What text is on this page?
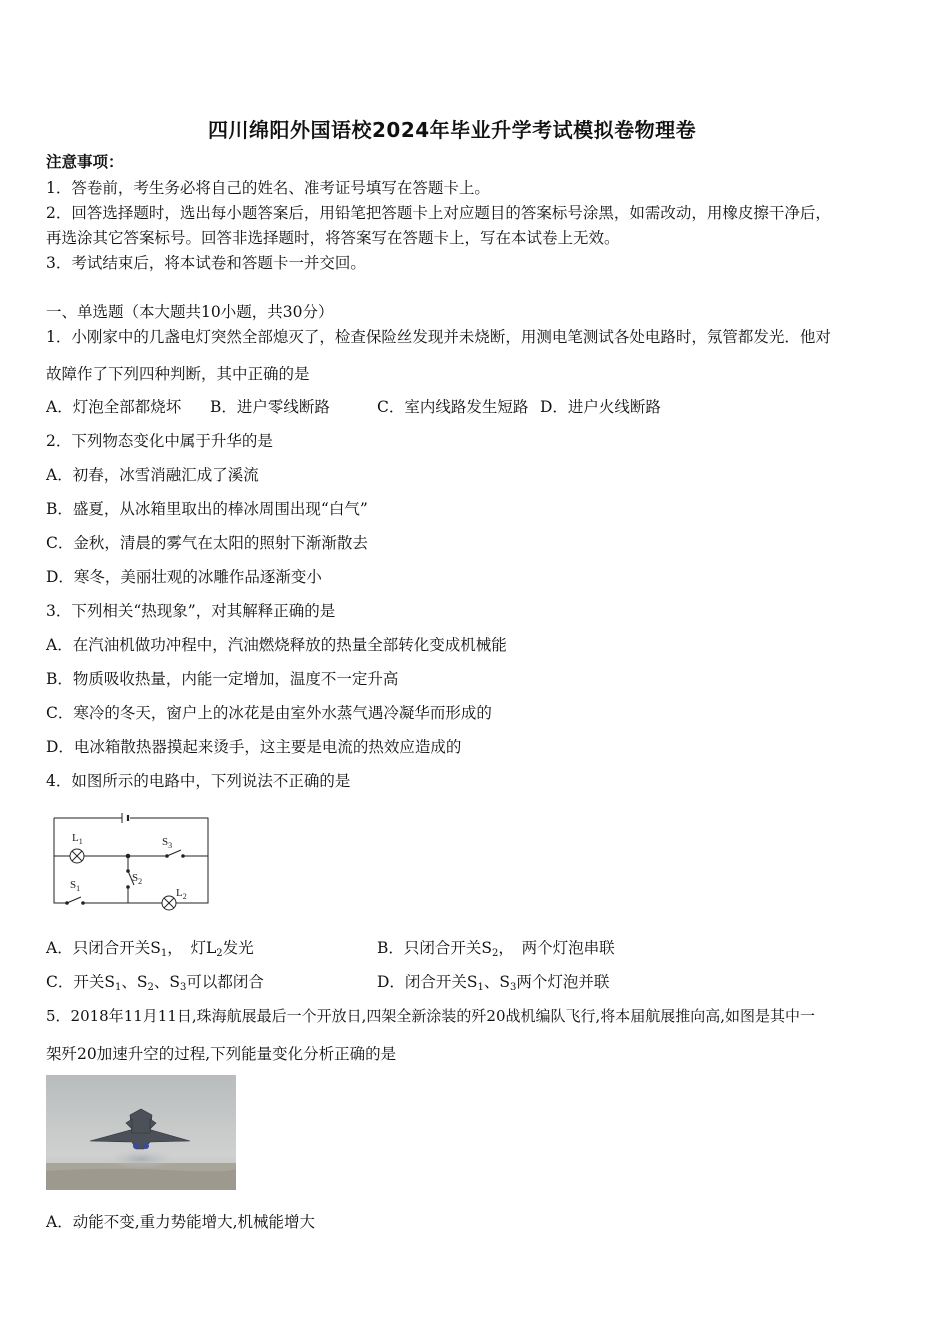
四川绵阳外国语校2024年毕业升学考试模拟卷物理卷
注意事项：
1．答卷前，考生务必将自己的姓名、准考证号填写在答题卡上。
2．回答选择题时，选出每小题答案后，用铅笔把答题卡上对应题目的答案标号涂黑，如需改动，用橡皮擦干净后，
再选涂其它答案标号。回答非选择题时，将答案写在答题卡上，写在本试卷上无效。
3．考试结束后，将本试卷和答题卡一并交回。
一、单选题（本大题共10小题，共30分）
1．小刚家中的几盏电灯突然全部熄灭了，检查保险丝发现并未烧断，用测电笔测试各处电路时，氖管都发光．他对
故障作了下列四种判断，其中正确的是
A．灯泡全部都烧坏 B．进户零线断路	C．室内线路发生短路 D．进户火线断路
2．下列物态变化中属于升华的是
A．初春，冰雪消融汇成了溪流
B．盛夏，从冰箱里取出的棒冰周围出现“白气”
C．金秋，清晨的雾气在太阳的照射下渐渐散去
D．寒冬，美丽壮观的冰雕作品逐渐变小
3．下列相关“热现象”，对其解释正确的是
A．在汽油机做功冲程中，汽油燃烧释放的热量全部转化变成机械能
B．物质吸收热量，内能一定增加，温度不一定升高
C．寒冷的冬天，窗户上的冰花是由室外水蒸气遇冷凝华而形成的
D．电冰箱散热器摸起来烫手，这主要是电流的热效应造成的
4．如图所示的电路中，下列说法不正确的是
$L_1$	$S_3$
$S_2$
$S_1$	$L_2$
A．只闭合开关$S_1$，　灯$L_2$发光	B．只闭合开关$S_2$，　两个灯泡串联
C．开关$S_1$、$S_2$、$S_3$可以都闭合	D．闭合开关$S_1$、$S_3$两个灯泡并联
5．2018年11月11日,珠海航展最后一个开放日,四架全新涂装的歼20战机编队飞行,将本届航展推向高,如图是其中一
架歼20加速升空的过程,下列能量变化分析正确的是
A．动能不变,重力势能增大,机械能增大
